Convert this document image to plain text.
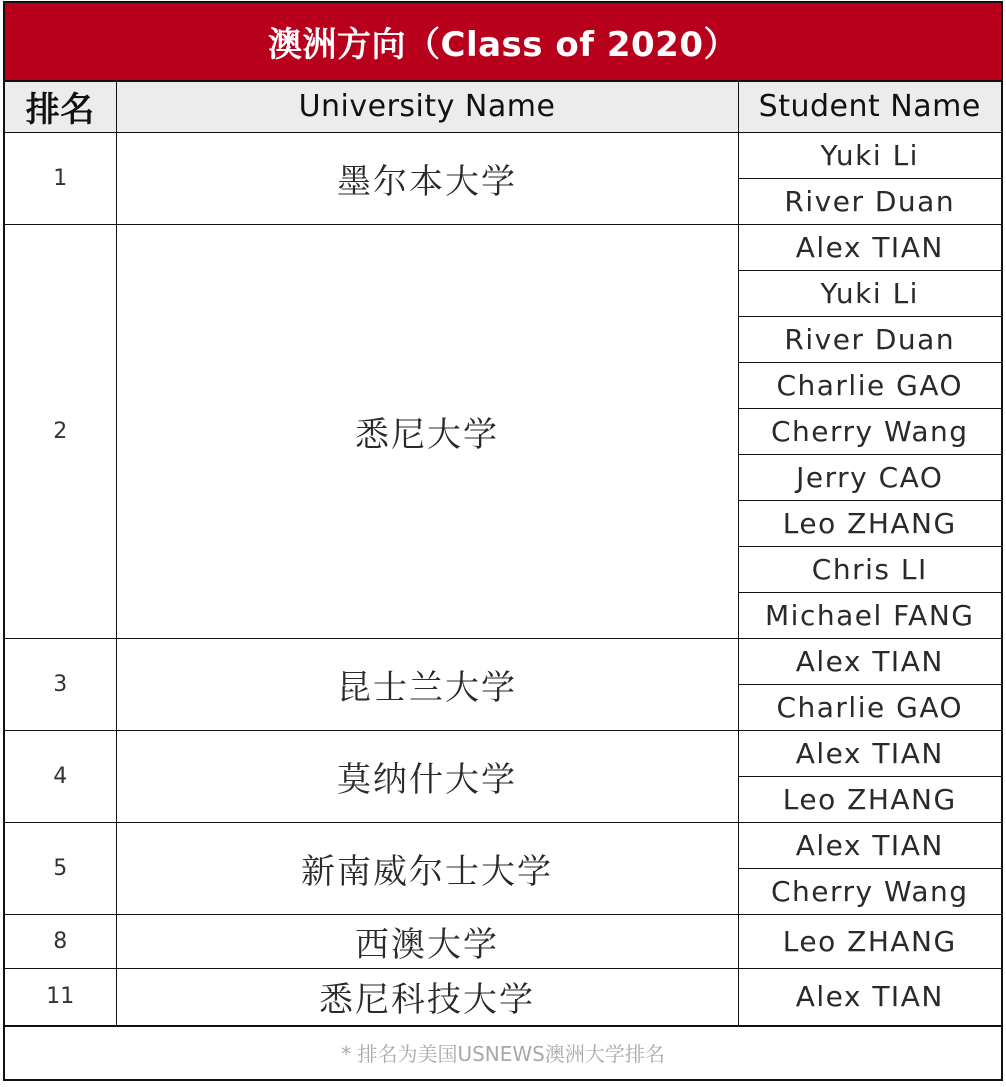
澳洲方向（Class of 2020）
排名	University Name	Student Name
1	墨尔本大学	Yuki Li
		River Duan
2	悉尼大学	Alex TIAN
		Yuki Li
		River Duan
		Charlie GAO
		Cherry Wang
		Jerry CAO
		Leo ZHANG
		Chris LI
		Michael FANG
3	昆士兰大学	Alex TIAN
		Charlie GAO
4	莫纳什大学	Alex TIAN
		Leo ZHANG
5	新南威尔士大学	Alex TIAN
		Cherry Wang
8	西澳大学	Leo ZHANG
11	悉尼科技大学	Alex TIAN
* 排名为美国USNEWS澳洲大学排名
